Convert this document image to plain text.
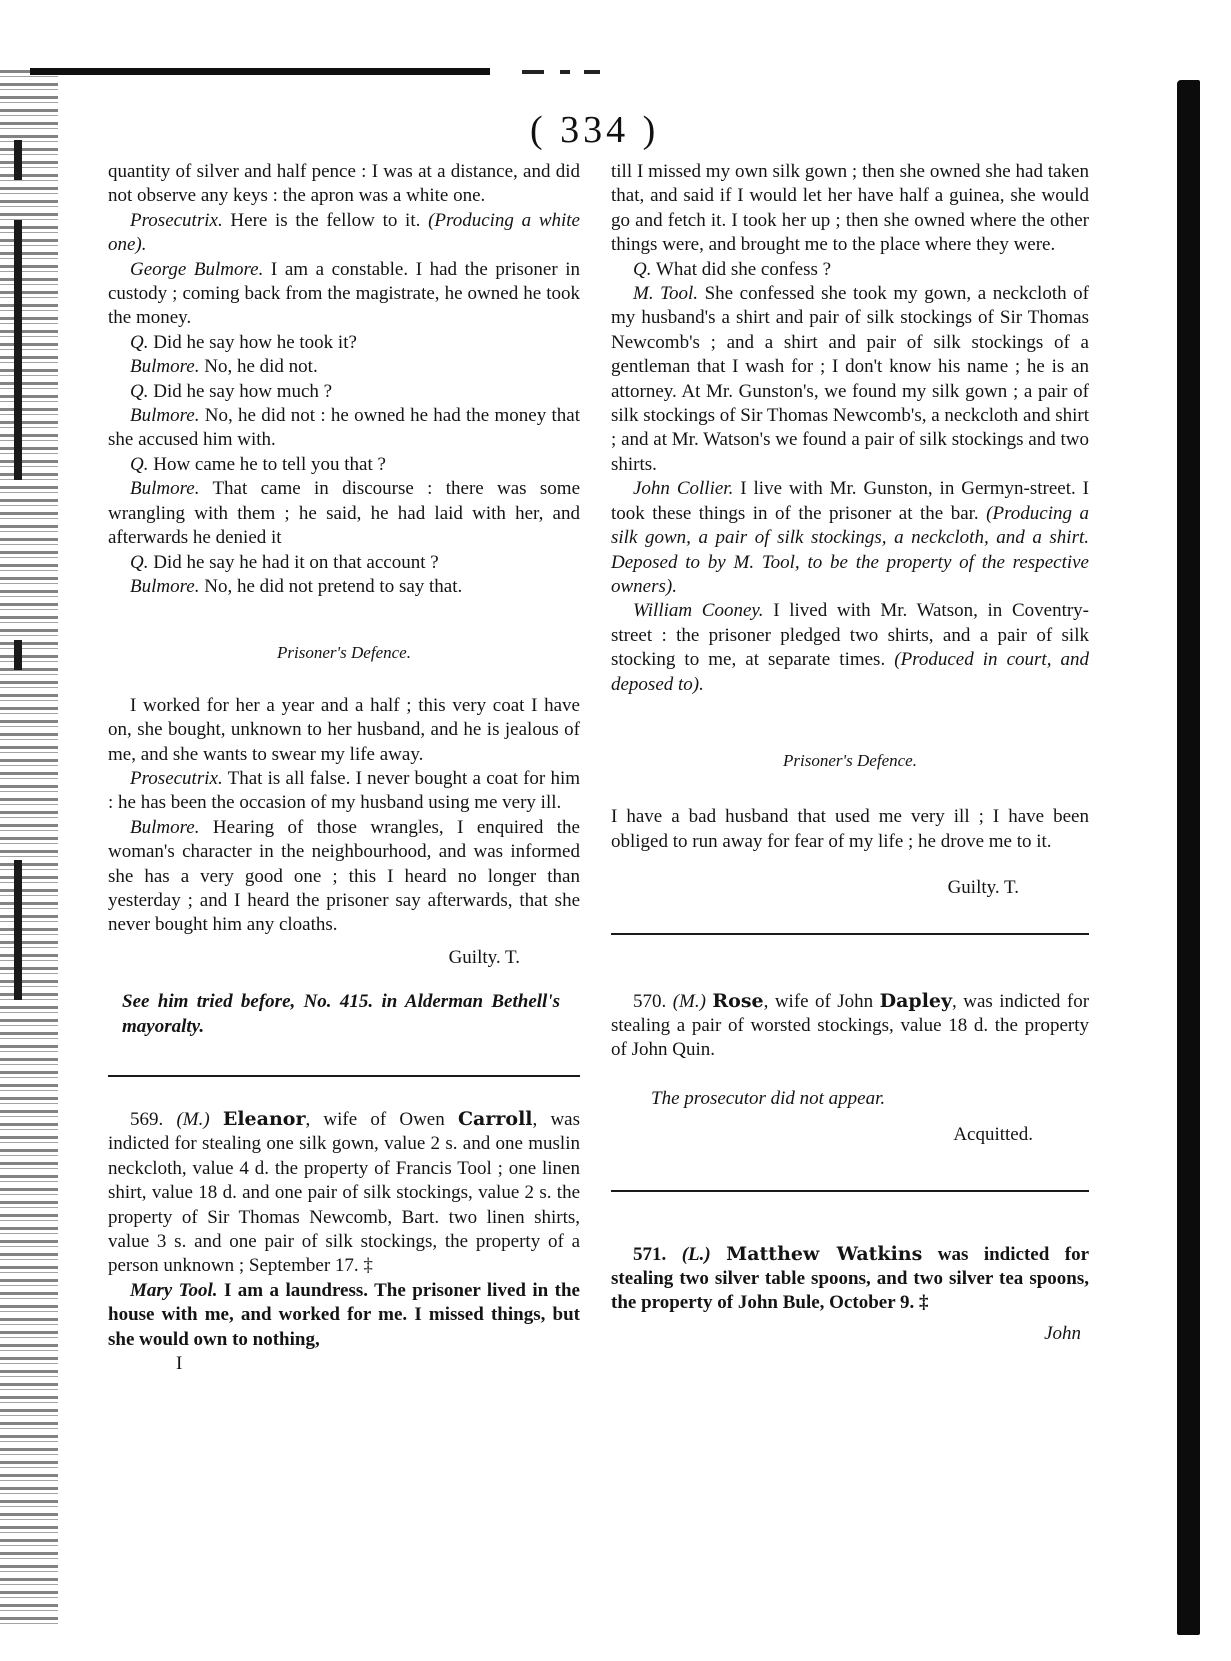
( 334 )

quantity of silver and half pence : I was at a distance, and did not observe any keys : the apron was a white one.

Prosecutrix. Here is the fellow to it. (Producing a white one).

George Bulmore. I am a constable. I had the prisoner in custody ; coming back from the magistrate, he owned he took the money.

Q. Did he say how he took it?

Bulmore. No, he did not.

Q. Did he say how much ?

Bulmore. No, he did not : he owned he had the money that she accused him with.

Q. How came he to tell you that ?

Bulmore. That came in discourse : there was some wrangling with them ; he said, he had laid with her, and afterwards he denied it

Q. Did he say he had it on that account ?

Bulmore. No, he did not pretend to say that.

Prisoner's Defence.

I worked for her a year and a half ; this very coat I have on, she bought, unknown to her husband, and he is jealous of me, and she wants to swear my life away.

Prosecutrix. That is all false. I never bought a coat for him : he has been the occasion of my husband using me very ill.

Bulmore. Hearing of those wrangles, I enquired the woman's character in the neighbourhood, and was informed she has a very good one ; this I heard no longer than yesterday ; and I heard the prisoner say afterwards, that she never bought him any cloaths.

Guilty. T.

See him tried before, No. 415. in Alderman Bethell's mayoralty.

569. (M.) Eleanor, wife of Owen Carroll, was indicted for stealing one silk gown, value 2 s. and one muslin neckcloth, value 4 d. the property of Francis Tool ; one linen shirt, value 18 d. and one pair of silk stockings, value 2 s. the property of Sir Thomas Newcomb, Bart. two linen shirts, value 3 s. and one pair of silk stockings, the property of a person unknown ; September 17. ‡

Mary Tool. I am a laundress. The prisoner lived in the house with me, and worked for me. I missed things, but she would own to nothing,

I

till I missed my own silk gown ; then she owned she had taken that, and said if I would let her have half a guinea, she would go and fetch it. I took her up ; then she owned where the other things were, and brought me to the place where they were.

Q. What did she confess ?

M. Tool. She confessed she took my gown, a neckcloth of my husband's a shirt and pair of silk stockings of Sir Thomas Newcomb's ; and a shirt and pair of silk stockings of a gentleman that I wash for ; I don't know his name ; he is an attorney. At Mr. Gunston's, we found my silk gown ; a pair of silk stockings of Sir Thomas Newcomb's, a neckcloth and shirt ; and at Mr. Watson's we found a pair of silk stockings and two shirts.

John Collier. I live with Mr. Gunston, in Germyn-street. I took these things in of the prisoner at the bar. (Producing a silk gown, a pair of silk stockings, a neckcloth, and a shirt. Deposed to by M. Tool, to be the property of the respective owners).

William Cooney. I lived with Mr. Watson, in Coventry-street : the prisoner pledged two shirts, and a pair of silk stocking to me, at separate times. (Produced in court, and deposed to).

Prisoner's Defence.

I have a bad husband that used me very ill ; I have been obliged to run away for fear of my life ; he drove me to it.

Guilty. T.

570. (M.) Rose, wife of John Dapley, was indicted for stealing a pair of worsted stockings, value 18 d. the property of John Quin.

The prosecutor did not appear.

Acquitted.

571. (L.) Matthew Watkins was indicted for stealing two silver table spoons, and two silver tea spoons, the property of John Bule, October 9. ‡

John
